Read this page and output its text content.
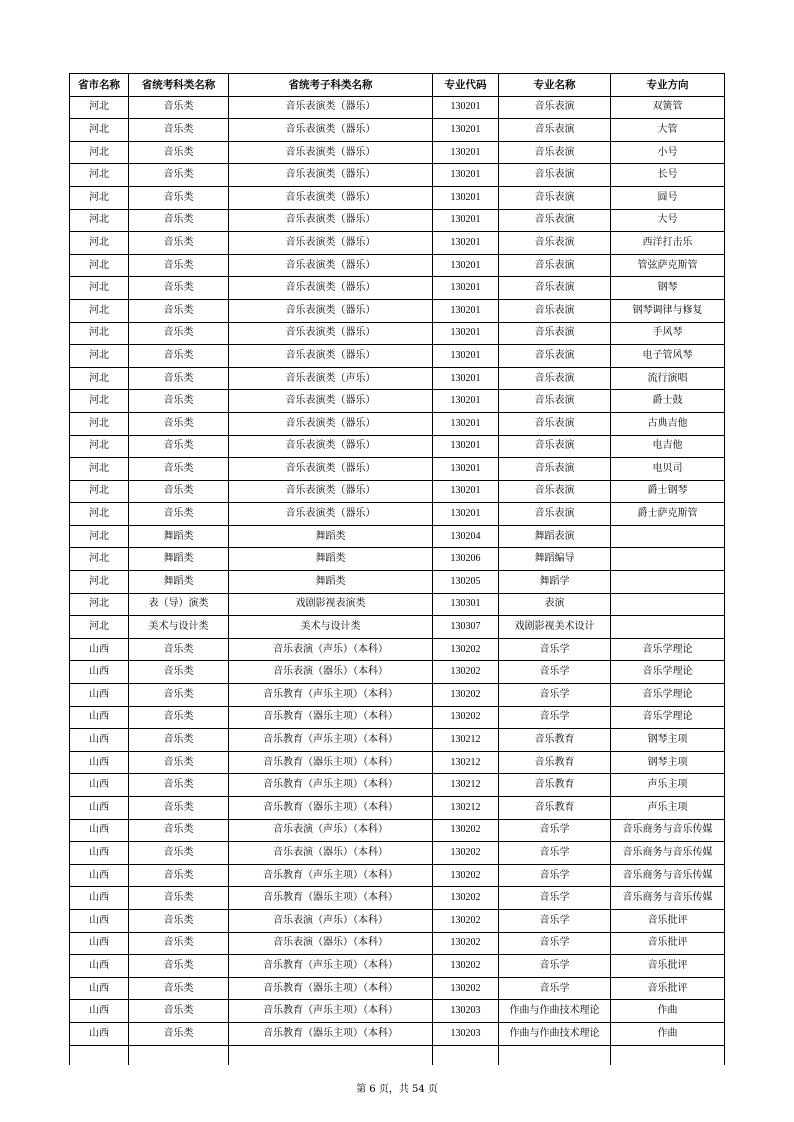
省市名称	省统考科类名称	省统考子科类名称	专业代码	专业名称	专业方向
河北	音乐类	音乐表演类（器乐）	130201	音乐表演	双簧管
河北	音乐类	音乐表演类（器乐）	130201	音乐表演	大管
河北	音乐类	音乐表演类（器乐）	130201	音乐表演	小号
河北	音乐类	音乐表演类（器乐）	130201	音乐表演	长号
河北	音乐类	音乐表演类（器乐）	130201	音乐表演	圆号
河北	音乐类	音乐表演类（器乐）	130201	音乐表演	大号
河北	音乐类	音乐表演类（器乐）	130201	音乐表演	西洋打击乐
河北	音乐类	音乐表演类（器乐）	130201	音乐表演	管弦萨克斯管
河北	音乐类	音乐表演类（器乐）	130201	音乐表演	钢琴
河北	音乐类	音乐表演类（器乐）	130201	音乐表演	钢琴调律与修复
河北	音乐类	音乐表演类（器乐）	130201	音乐表演	手风琴
河北	音乐类	音乐表演类（器乐）	130201	音乐表演	电子管风琴
河北	音乐类	音乐表演类（声乐）	130201	音乐表演	流行演唱
河北	音乐类	音乐表演类（器乐）	130201	音乐表演	爵士鼓
河北	音乐类	音乐表演类（器乐）	130201	音乐表演	古典吉他
河北	音乐类	音乐表演类（器乐）	130201	音乐表演	电吉他
河北	音乐类	音乐表演类（器乐）	130201	音乐表演	电贝司
河北	音乐类	音乐表演类（器乐）	130201	音乐表演	爵士钢琴
河北	音乐类	音乐表演类（器乐）	130201	音乐表演	爵士萨克斯管
河北	舞蹈类	舞蹈类	130204	舞蹈表演	
河北	舞蹈类	舞蹈类	130206	舞蹈编导	
河北	舞蹈类	舞蹈类	130205	舞蹈学	
河北	表（导）演类	戏剧影视表演类	130301	表演	
河北	美术与设计类	美术与设计类	130307	戏剧影视美术设计	
山西	音乐类	音乐表演（声乐）（本科）	130202	音乐学	音乐学理论
山西	音乐类	音乐表演（器乐）（本科）	130202	音乐学	音乐学理论
山西	音乐类	音乐教育（声乐主项）（本科）	130202	音乐学	音乐学理论
山西	音乐类	音乐教育（器乐主项）（本科）	130202	音乐学	音乐学理论
山西	音乐类	音乐教育（声乐主项）（本科）	130212	音乐教育	钢琴主项
山西	音乐类	音乐教育（器乐主项）（本科）	130212	音乐教育	钢琴主项
山西	音乐类	音乐教育（声乐主项）（本科）	130212	音乐教育	声乐主项
山西	音乐类	音乐教育（器乐主项）（本科）	130212	音乐教育	声乐主项
山西	音乐类	音乐表演（声乐）（本科）	130202	音乐学	音乐商务与音乐传媒
山西	音乐类	音乐表演（器乐）（本科）	130202	音乐学	音乐商务与音乐传媒
山西	音乐类	音乐教育（声乐主项）（本科）	130202	音乐学	音乐商务与音乐传媒
山西	音乐类	音乐教育（器乐主项）（本科）	130202	音乐学	音乐商务与音乐传媒
山西	音乐类	音乐表演（声乐）（本科）	130202	音乐学	音乐批评
山西	音乐类	音乐表演（器乐）（本科）	130202	音乐学	音乐批评
山西	音乐类	音乐教育（声乐主项）（本科）	130202	音乐学	音乐批评
山西	音乐类	音乐教育（器乐主项）（本科）	130202	音乐学	音乐批评
山西	音乐类	音乐教育（声乐主项）（本科）	130203	作曲与作曲技术理论	作曲
山西	音乐类	音乐教育（器乐主项）（本科）	130203	作曲与作曲技术理论	作曲

第 6 页，共 54 页
